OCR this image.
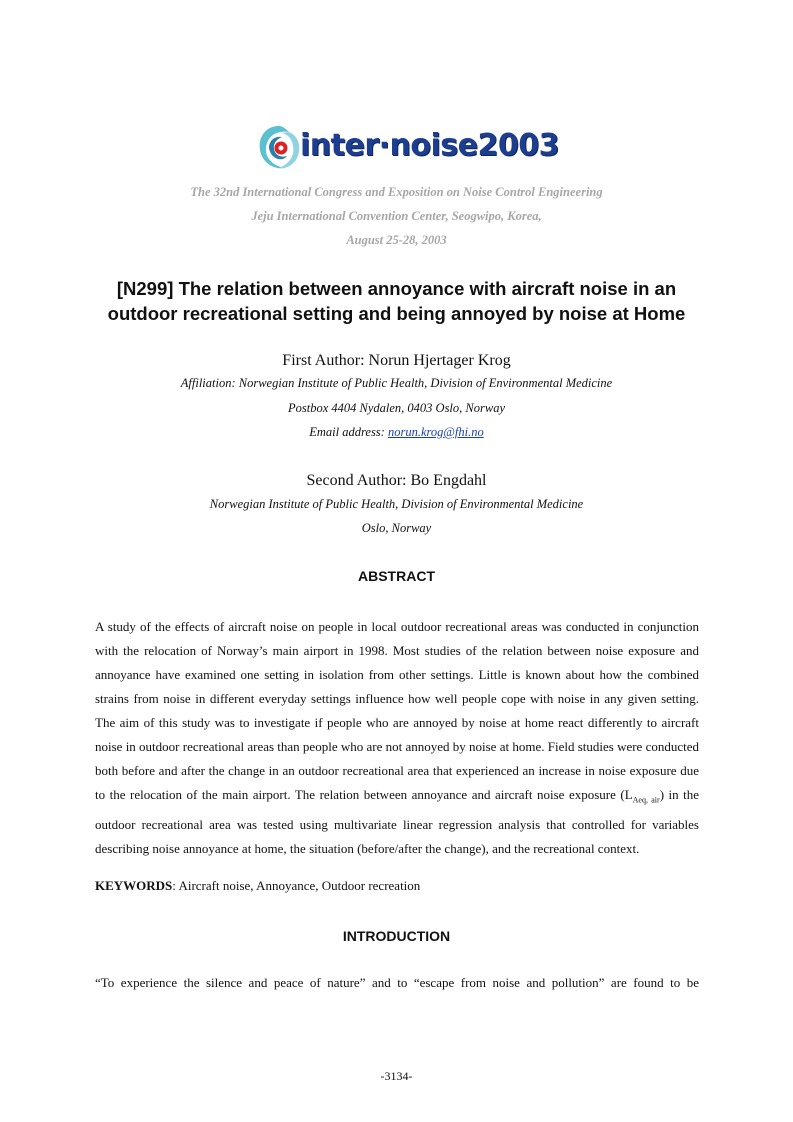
inter·noise2003
The 32nd International Congress and Exposition on Noise Control Engineering
Jeju International Convention Center, Seogwipo, Korea,
August 25-28, 2003
[N299] The relation between annoyance with aircraft noise in an
outdoor recreational setting and being annoyed by noise at Home
First Author: Norun Hjertager Krog
Affiliation: Norwegian Institute of Public Health, Division of Environmental Medicine
Postbox 4404 Nydalen, 0403 Oslo, Norway
Email address: norun.krog@fhi.no
Second Author: Bo Engdahl
Norwegian Institute of Public Health, Division of Environmental Medicine
Oslo, Norway
ABSTRACT

A study of the effects of aircraft noise on people in local outdoor recreational areas was conducted in conjunction with the relocation of Norway’s main airport in 1998. Most studies of the relation between noise exposure and annoyance have examined one setting in isolation from other settings. Little is known about how the combined strains from noise in different everyday settings influence how well people cope with noise in any given setting. The aim of this study was to investigate if people who are annoyed by noise at home react differently to aircraft noise in outdoor recreational areas than people who are not annoyed by noise at home. Field studies were conducted both before and after the change in an outdoor recreational area that experienced an increase in noise exposure due to the relocation of the main airport. The relation between annoyance and aircraft noise exposure $(L_{Aeq, air})$ in the outdoor recreational area was tested using multivariate linear regression analysis that controlled for variables describing noise annoyance at home, the situation (before/after the change), and the recreational context.

KEYWORDS: Aircraft noise, Annoyance, Outdoor recreation
INTRODUCTION

“To experience the silence and peace of nature” and to “escape from noise and pollution” are found to be

-3134-
